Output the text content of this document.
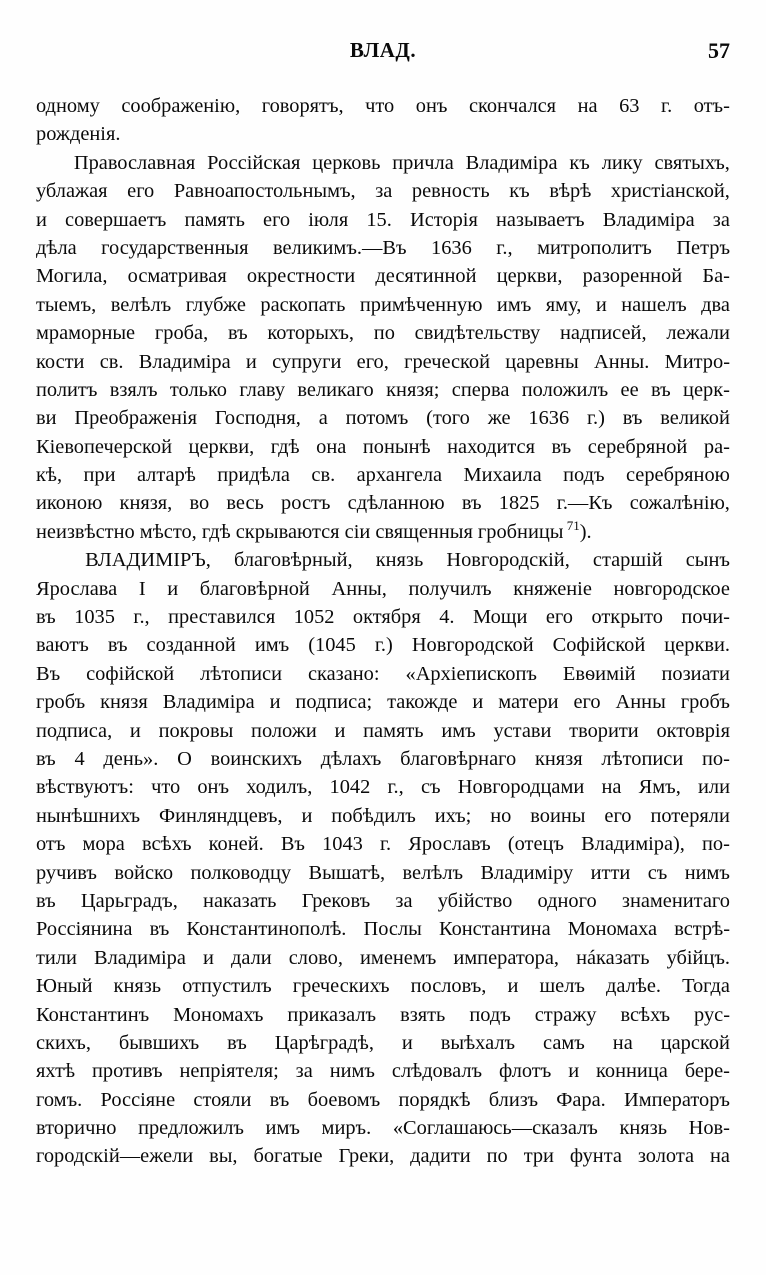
ВЛАД.	57
одному соображенію, говорятъ, что онъ скончался на 63 г. отъ-
рожденія.
Православная Россійская церковь причла Владиміра къ лику святыхъ,
ублажая его Равноапостольнымъ, за ревность къ вѣрѣ христіанской,
и совершаетъ память его іюля 15. Исторія называетъ Владиміра за
дѣла государственныя великимъ.—Въ 1636 г., митрополитъ Петръ
Могила, осматривая окрестности десятинной церкви, разоренной Ба-
тыемъ, велѣлъ глубже раскопать примѣченную имъ яму, и нашелъ два
мраморные гроба, въ которыхъ, по свидѣтельству надписей, лежали
кости св. Владиміра и супруги его, греческой царевны Анны. Митро-
политъ взялъ только главу великаго князя; сперва положилъ ее въ церк-
ви Преображенія Господня, а потомъ (того же 1636 г.) въ великой
Кіевопечерской церкви, гдѣ она понынѣ находится въ серебряной ра-
кѣ, при алтарѣ придѣла св. архангела Михаила подъ серебряною
иконою князя, во весь ростъ сдѣланною въ 1825 г.—Къ сожалѣнію,
неизвѣстно мѣсто, гдѣ скрываются сіи священныя гробницы $^{71}$).
ВЛАДИМІРЪ, благовѣрный, князь Новгородскій, старшій сынъ
Ярослава I и благовѣрной Анны, получилъ княженіе новгородское
въ 1035 г., преставился 1052 октября 4. Мощи его открыто почи-
ваютъ въ созданной имъ (1045 г.) Новгородской Софійской церкви.
Въ софійской лѣтописи сказано: «Архіепископъ Евѳимій позиати
гробъ князя Владиміра и подписа; такожде и матери его Анны гробъ
подписа, и покровы положи и память имъ устави творити октоврія
въ 4 день». О воинскихъ дѣлахъ благовѣрнаго князя лѣтописи по-
вѣствуютъ: что онъ ходилъ, 1042 г., съ Новгородцами на Ямъ, или
нынѣшнихъ Финляндцевъ, и побѣдилъ ихъ; но воины его потеряли
отъ мора всѣхъ коней. Въ 1043 г. Ярославъ (отецъ Владиміра), по-
ручивъ войско полководцу Вышатѣ, велѣлъ Владиміру итти съ нимъ
въ Царьградъ, наказать Грековъ за убійство одного знаменитаго
Россіянина въ Константинополѣ. Послы Константина Мономаха встрѣ-
тили Владиміра и дали слово, именемъ императора, нáказать убійцъ.
Юный князь отпустилъ греческихъ пословъ, и шелъ далѣе. Тогда
Константинъ Мономахъ приказалъ взять подъ стражу всѣхъ рус-
скихъ, бывшихъ въ Царѣградѣ, и выѣхалъ самъ на царской
яхтѣ противъ непріятеля; за нимъ слѣдовалъ флотъ и конница бере-
гомъ. Россіяне стояли въ боевомъ порядкѣ близъ Фара. Императоръ
вторично предложилъ имъ миръ. «Соглашаюсь—сказалъ князь Нов-
городскій—ежели вы, богатые Греки, дадити по три фунта золота на
